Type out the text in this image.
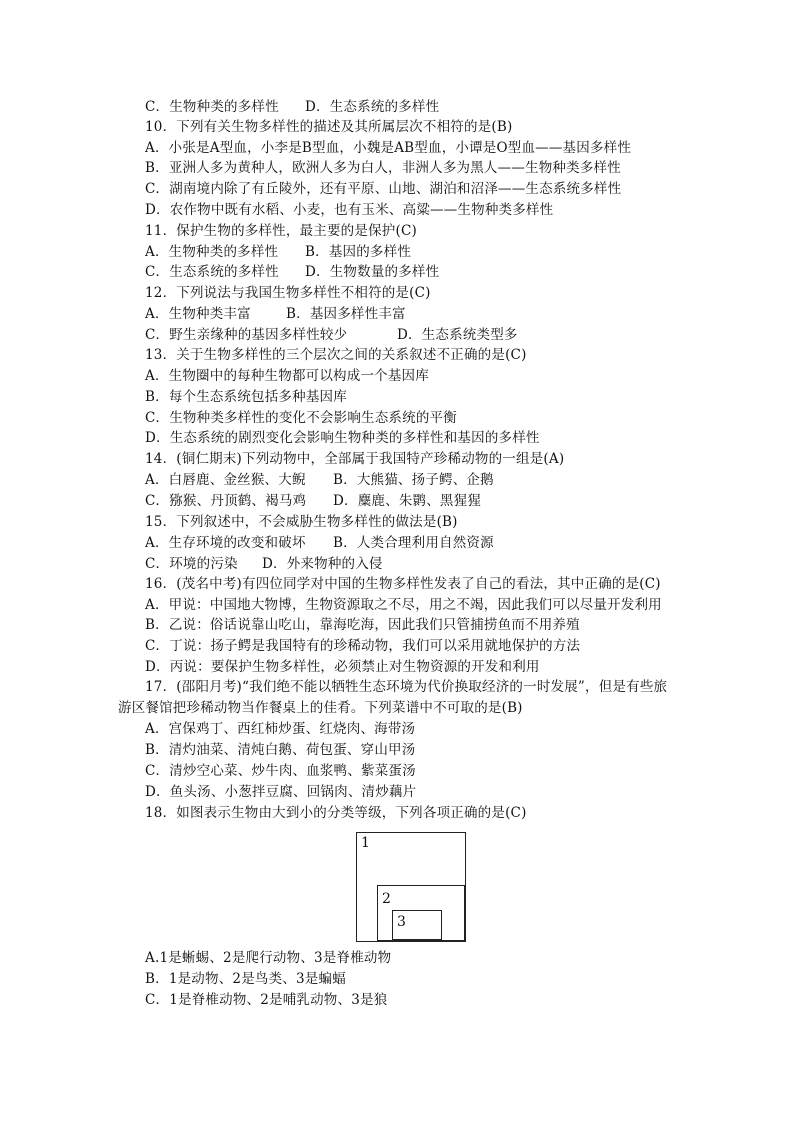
C．生物种类的多样性 D．生态系统的多样性
10．下列有关生物多样性的描述及其所属层次不相符的是(B)
A．小张是A型血，小李是B型血，小魏是AB型血，小谭是O型血——基因多样性
B．亚洲人多为黄种人，欧洲人多为白人，非洲人多为黑人——生物种类多样性
C．湖南境内除了有丘陵外，还有平原、山地、湖泊和沼泽——生态系统多样性
D．农作物中既有水稻、小麦，也有玉米、高粱——生物种类多样性
11．保护生物的多样性，最主要的是保护(C)
A．生物种类的多样性 B．基因的多样性
C．生态系统的多样性 D．生物数量的多样性
12．下列说法与我国生物多样性不相符的是(C)
A．生物种类丰富	B．基因多样性丰富
C．野生亲缘种的基因多样性较少	D．生态系统类型多
13．关于生物多样性的三个层次之间的关系叙述不正确的是(C)
A．生物圈中的每种生物都可以构成一个基因库
B．每个生态系统包括多种基因库
C．生物种类多样性的变化不会影响生态系统的平衡
D．生态系统的剧烈变化会影响生物种类的多样性和基因的多样性
14．(铜仁期末)下列动物中，全部属于我国特产珍稀动物的一组是(A)
A．白唇鹿、金丝猴、大鲵 B．大熊猫、扬子鳄、企鹅
C．猕猴、丹顶鹤、褐马鸡 D．麋鹿、朱鹮、黑猩猩
15．下列叙述中，不会威胁生物多样性的做法是(B)
A．生存环境的改变和破坏 B．人类合理利用自然资源
C．环境的污染 D．外来物种的入侵
16．(茂名中考)有四位同学对中国的生物多样性发表了自己的看法，其中正确的是(C)
A．甲说：中国地大物博，生物资源取之不尽，用之不竭，因此我们可以尽量开发利用
B．乙说：俗话说靠山吃山，靠海吃海，因此我们只管捕捞鱼而不用养殖
C．丁说：扬子鳄是我国特有的珍稀动物，我们可以采用就地保护的方法
D．丙说：要保护生物多样性，必须禁止对生物资源的开发和利用
17．(邵阳月考)“我们绝不能以牺牲生态环境为代价换取经济的一时发展”，但是有些旅
游区餐馆把珍稀动物当作餐桌上的佳肴。下列菜谱中不可取的是(B)
A．宫保鸡丁、西红柿炒蛋、红烧肉、海带汤
B．清灼油菜、清炖白鹅、荷包蛋、穿山甲汤
C．清炒空心菜、炒牛肉、血浆鸭、紫菜蛋汤
D．鱼头汤、小葱拌豆腐、回锅肉、清炒藕片
18．如图表示生物由大到小的分类等级，下列各项正确的是(C)
A.1是蜥蜴、2是爬行动物、3是脊椎动物
B．1是动物、2是鸟类、3是蝙蝠
C．1是脊椎动物、2是哺乳动物、3是狼
1
2
3
